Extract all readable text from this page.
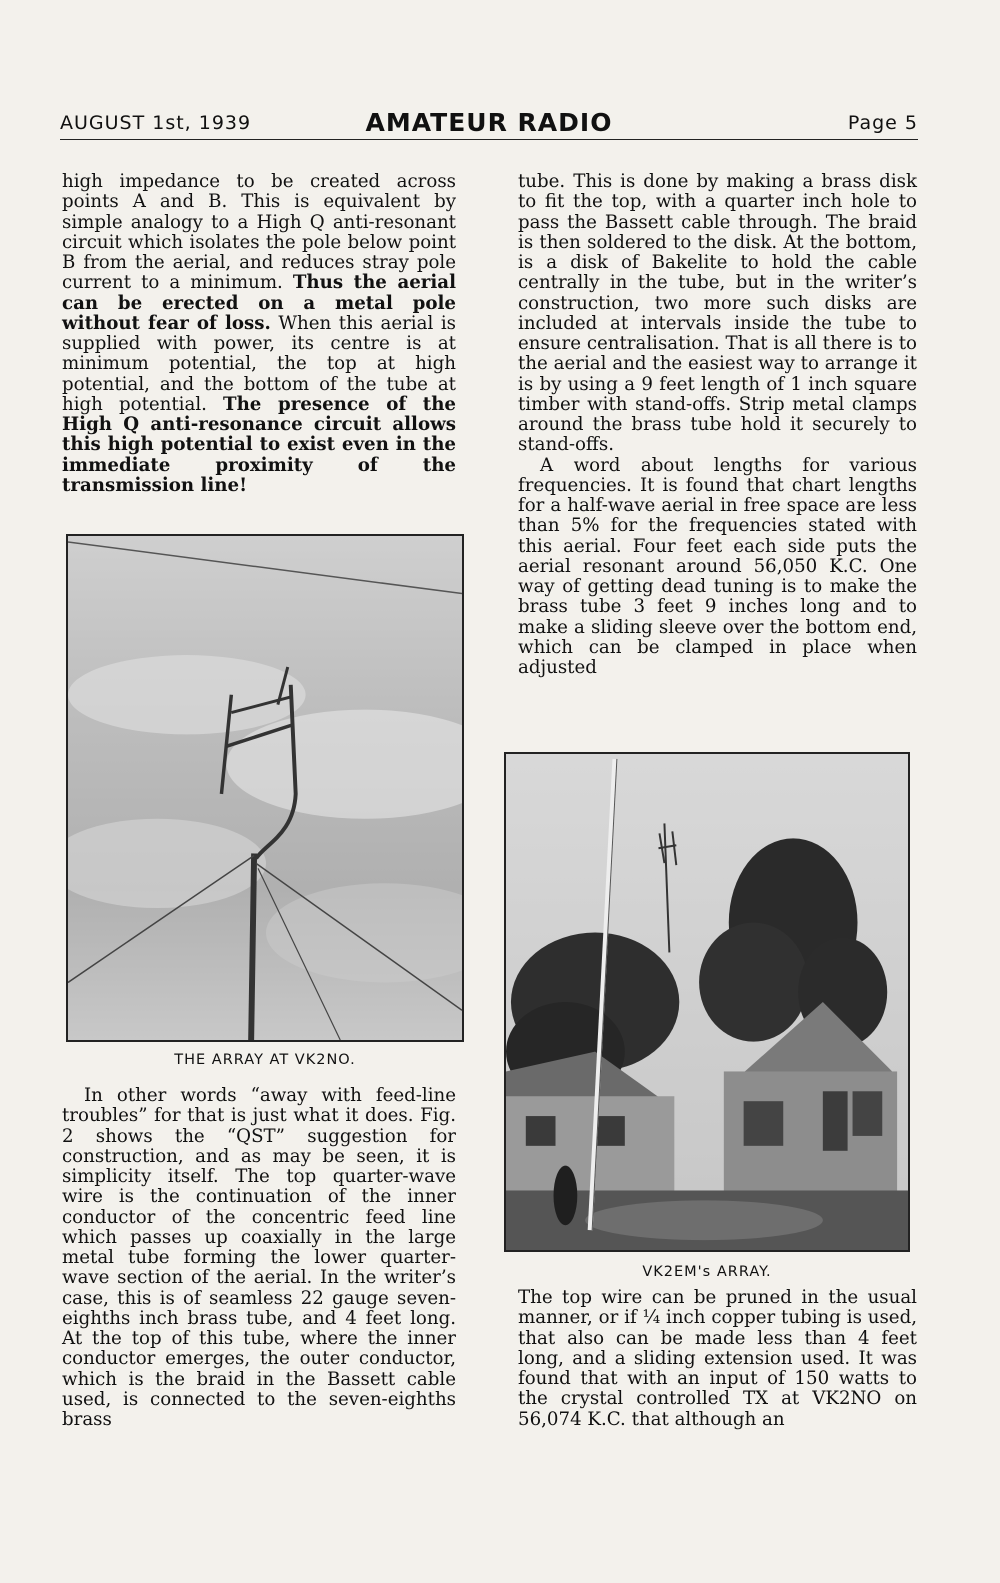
AUGUST 1st, 1939	AMATEUR RADIO	Page 5

high impedance to be created across points A and B. This is equivalent by simple analogy to a High Q anti-resonant circuit which isolates the pole below point B from the aerial, and reduces stray pole current to a minimum. Thus the aerial can be erected on a metal pole without fear of loss. When this aerial is supplied with power, its centre is at minimum potential, the top at high potential, and the bottom of the tube at high potential. The presence of the High Q anti-resonance circuit allows this high potential to exist even in the immediate proximity of the transmission line!

THE ARRAY AT VK2NO.

In other words “away with feed-line troubles” for that is just what it does. Fig. 2 shows the “QST” suggestion for construction, and as may be seen, it is simplicity itself. The top quarter-wave wire is the continuation of the inner conductor of the concentric feed line which passes up coaxially in the large metal tube forming the lower quarter-wave section of the aerial. In the writer’s case, this is of seamless 22 gauge seven-eighths inch brass tube, and 4 feet long. At the top of this tube, where the inner conductor emerges, the outer conductor, which is the braid in the Bassett cable used, is connected to the seven-eighths brass

tube. This is done by making a brass disk to fit the top, with a quarter inch hole to pass the Bassett cable through. The braid is then soldered to the disk. At the bottom, is a disk of Bakelite to hold the cable centrally in the tube, but in the writer’s construction, two more such disks are included at intervals inside the tube to ensure centralisation. That is all there is to the aerial and the easiest way to arrange it is by using a 9 feet length of 1 inch square timber with stand-offs. Strip metal clamps around the brass tube hold it securely to stand-offs.

A word about lengths for various frequencies. It is found that chart lengths for a half-wave aerial in free space are less than 5% for the frequencies stated with this aerial. Four feet each side puts the aerial resonant around 56,050 K.C. One way of getting dead tuning is to make the brass tube 3 feet 9 inches long and to make a sliding sleeve over the bottom end, which can be clamped in place when adjusted

VK2EM's ARRAY.

The top wire can be pruned in the usual manner, or if ¼ inch copper tubing is used, that also can be made less than 4 feet long, and a sliding extension used. It was found that with an input of 150 watts to the crystal controlled TX at VK2NO on 56,074 K.C. that although an
